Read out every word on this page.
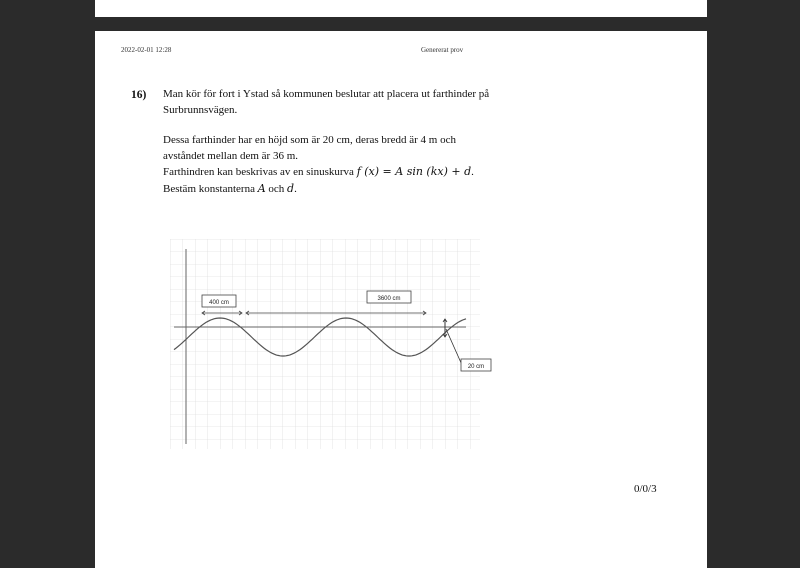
2022-02-01 12:28	Genererat prov
16) Man kör för fort i Ystad så kommunen beslutar att placera ut farthinder på

Surbrunnsvägen.

Dessa farthinder har en höjd som är 20 cm, deras bredd är 4 m och

avståndet mellan dem är 36 m.

Farthindren kan beskrivas av en sinuskurva f (x) = A sin (kx) + d.

Bestäm konstanterna A och d.

400 cm
3600 cm
20 cm
0/0/3
